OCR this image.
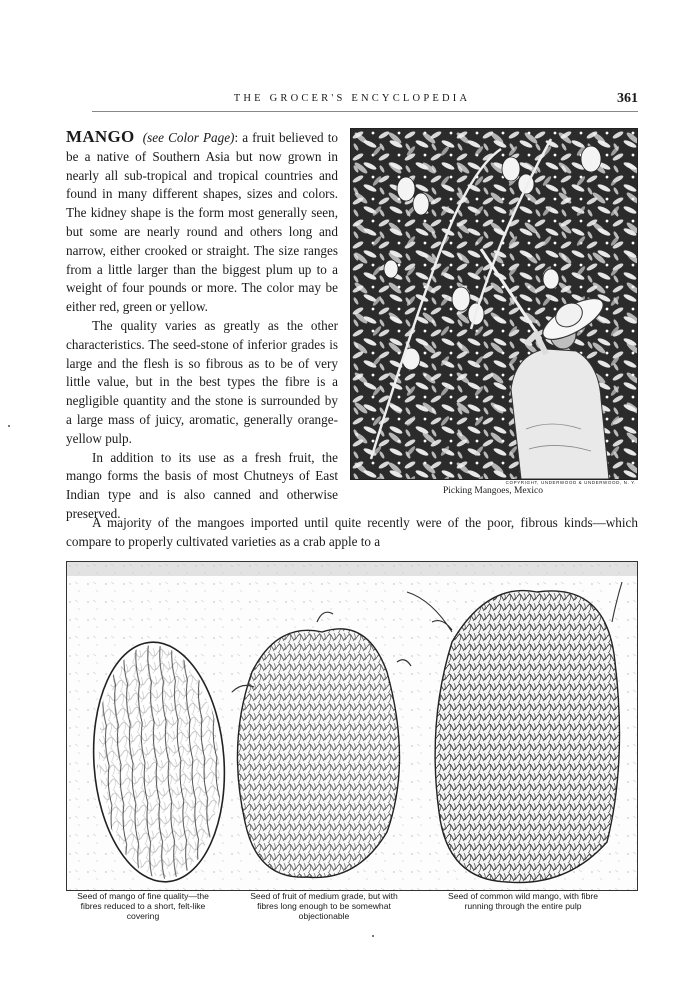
THE GROCER'S ENCYCLOPEDIA	361

MANGO (see Color Page): a fruit believed to be a native of Southern Asia but now grown in nearly all sub-tropical and tropical countries and found in many different shapes, sizes and colors. The kidney shape is the form most generally seen, but some are nearly round and others long and narrow, either crooked or straight. The size ranges from a little larger than the biggest plum up to a weight of four pounds or more. The color may be either red, green or yellow.

The quality varies as greatly as the other characteristics. The seed-stone of inferior grades is large and the flesh is so fibrous as to be of very little value, but in the best types the fibre is a negligible quantity and the stone is surrounded by a large mass of juicy, aromatic, generally orange-yellow pulp.

In addition to its use as a fresh fruit, the mango forms the basis of most Chutneys of East Indian type and is also canned and otherwise preserved.

A majority of the mangoes imported until quite recently were of the poor, fibrous kinds—which compare to properly cultivated varieties as a crab apple to a

COPYRIGHT, UNDERWOOD & UNDERWOOD, N. Y.
Picking Mangoes, Mexico
Seed of mango of fine quality—the fibres reduced to a short, felt-like covering
Seed of fruit of medium grade, but with fibres long enough to be somewhat objectionable
Seed of common wild mango, with fibre running through the entire pulp
